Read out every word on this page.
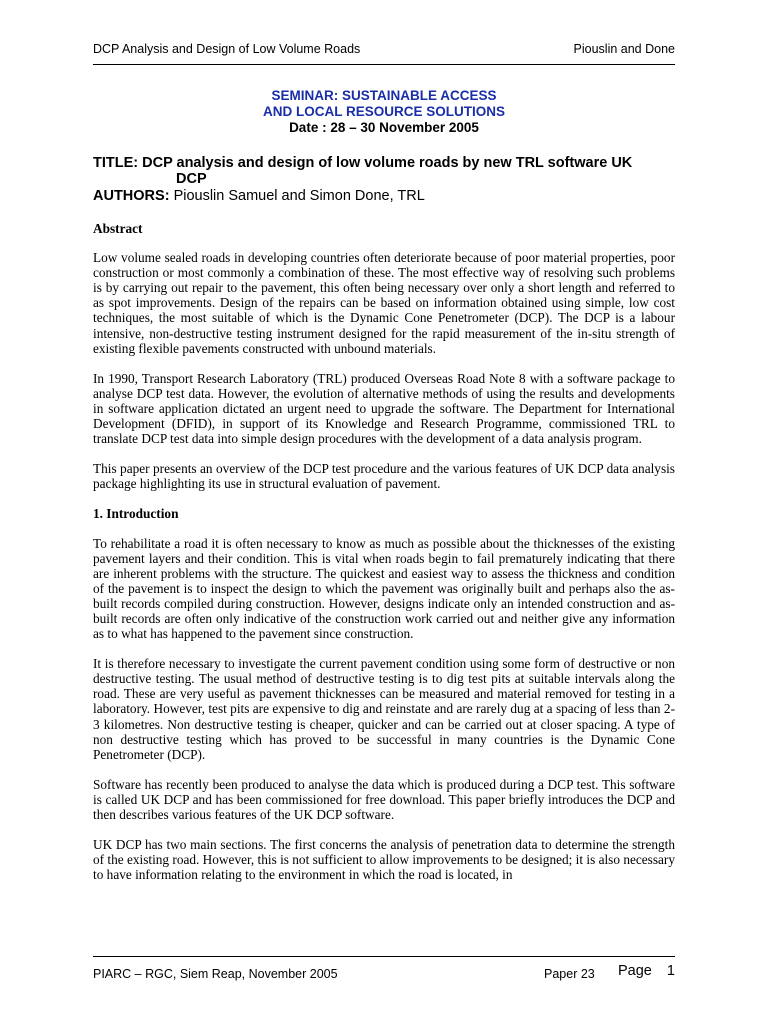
DCP Analysis and Design of Low Volume Roads	Piouslin and Done
SEMINAR: SUSTAINABLE ACCESS
AND LOCAL RESOURCE SOLUTIONS
Date : 28 – 30 November 2005
TITLE: DCP analysis and design of low volume roads by new TRL software UK
DCP
AUTHORS: Piouslin Samuel and Simon Done, TRL
Abstract

Low volume sealed roads in developing countries often deteriorate because of poor material properties, poor construction or most commonly a combination of these. The most effective way of resolving such problems is by carrying out repair to the pavement, this often being necessary over only a short length and referred to as spot improvements. Design of the repairs can be based on information obtained using simple, low cost techniques, the most suitable of which is the Dynamic Cone Penetrometer (DCP). The DCP is a labour intensive, non-destructive testing instrument designed for the rapid measurement of the in-situ strength of existing flexible pavements constructed with unbound materials.

In 1990, Transport Research Laboratory (TRL) produced Overseas Road Note 8 with a software package to analyse DCP test data. However, the evolution of alternative methods of using the results and developments in software application dictated an urgent need to upgrade the software. The Department for International Development (DFID), in support of its Knowledge and Research Programme, commissioned TRL to translate DCP test data into simple design procedures with the development of a data analysis program.

This paper presents an overview of the DCP test procedure and the various features of UK DCP data analysis package highlighting its use in structural evaluation of pavement.

1. Introduction

To rehabilitate a road it is often necessary to know as much as possible about the thicknesses of the existing pavement layers and their condition. This is vital when roads begin to fail prematurely indicating that there are inherent problems with the structure. The quickest and easiest way to assess the thickness and condition of the pavement is to inspect the design to which the pavement was originally built and perhaps also the as-built records compiled during construction. However, designs indicate only an intended construction and as-built records are often only indicative of the construction work carried out and neither give any information as to what has happened to the pavement since construction.

It is therefore necessary to investigate the current pavement condition using some form of destructive or non destructive testing. The usual method of destructive testing is to dig test pits at suitable intervals along the road. These are very useful as pavement thicknesses can be measured and material removed for testing in a laboratory. However, test pits are expensive to dig and reinstate and are rarely dug at a spacing of less than 2-3 kilometres. Non destructive testing is cheaper, quicker and can be carried out at closer spacing. A type of non destructive testing which has proved to be successful in many countries is the Dynamic Cone Penetrometer (DCP).

Software has recently been produced to analyse the data which is produced during a DCP test. This software is called UK DCP and has been commissioned for free download. This paper briefly introduces the DCP and then describes various features of the UK DCP software.

UK DCP has two main sections. The first concerns the analysis of penetration data to determine the strength of the existing road. However, this is not sufficient to allow improvements to be designed; it is also necessary to have information relating to the environment in which the road is located, in

PIARC – RGC, Siem Reap, November 2005	Paper 23 Page 1
